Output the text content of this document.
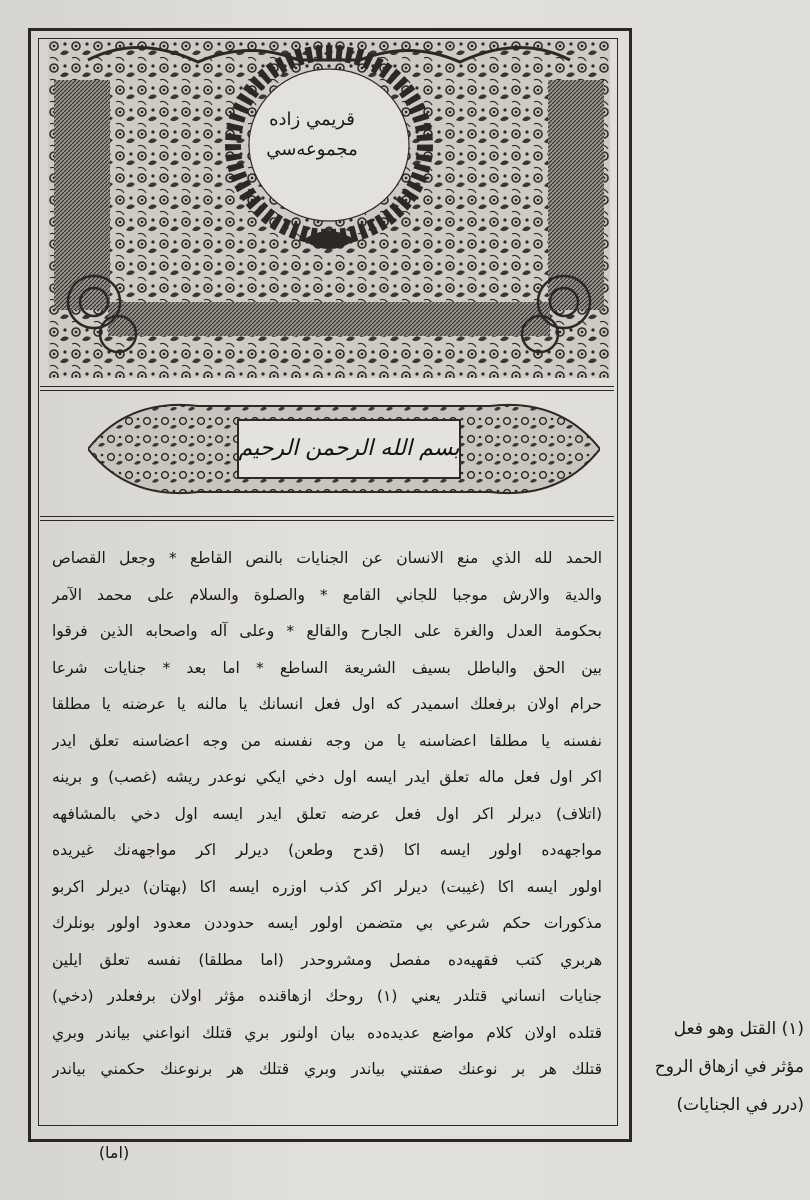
قريمي زاده
مجموعه‌سي
بسم الله الرحمن الرحيم
الحمد لله الذي منع الانسان عن الجنايات بالنص القاطع * وجعل القصاص
والدية والارش موجبا للجاني القامع * والصلوة والسلام على محمد الآمر
بحكومة العدل والغرة على الجارح والقالع * وعلى آله واصحابه الذين فرقوا
بين الحق والباطل بسيف الشريعة الساطع * اما بعد * جنايات شرعا
حرام اولان برفعلك اسميدر كه اول فعل انسانك يا مالنه يا عرضنه يا مطلقا
نفسنه يا مطلقا اعضاسنه يا من وجه نفسنه من وجه اعضاسنه تعلق ايدر
اكر اول فعل ماله تعلق ايدر ايسه اول دخي ايكي نوعدر ريشه (غصب) و برينه
(اتلاف) ديرلر اكر اول فعل عرضه تعلق ايدر ايسه اول دخي بالمشافهه
مواجهه‌ده اولور ايسه اكا (قدح وطعن) ديرلر اكر مواجهه‌نك غيريده
اولور ايسه اكا (غيبت) ديرلر اكر كذب اوزره ايسه اكا (بهتان) ديرلر اكربو
مذكورات حكم شرعي بي متضمن اولور ايسه حدوددن معدود اولور بونلرك
هربري كتب فقهيه‌ده مفصل ومشروحدر (اما مطلقا) نفسه تعلق ايلين
جنايات انساني قتلدر يعني (١) روحك ازهاقنده مؤثر اولان برفعلدر (دخي)
قتلده اولان كلام مواضع عديده‌ده بيان اولنور بري قتلك انواعني بياندر وبري
قتلك هر بر نوعنك صفتني بياندر وبري قتلك هر برنوعنك حكمني بياندر
(١) القتل وهو فعل
مؤثر في ازهاق الروح
(درر في الجنايات)
(اما)
